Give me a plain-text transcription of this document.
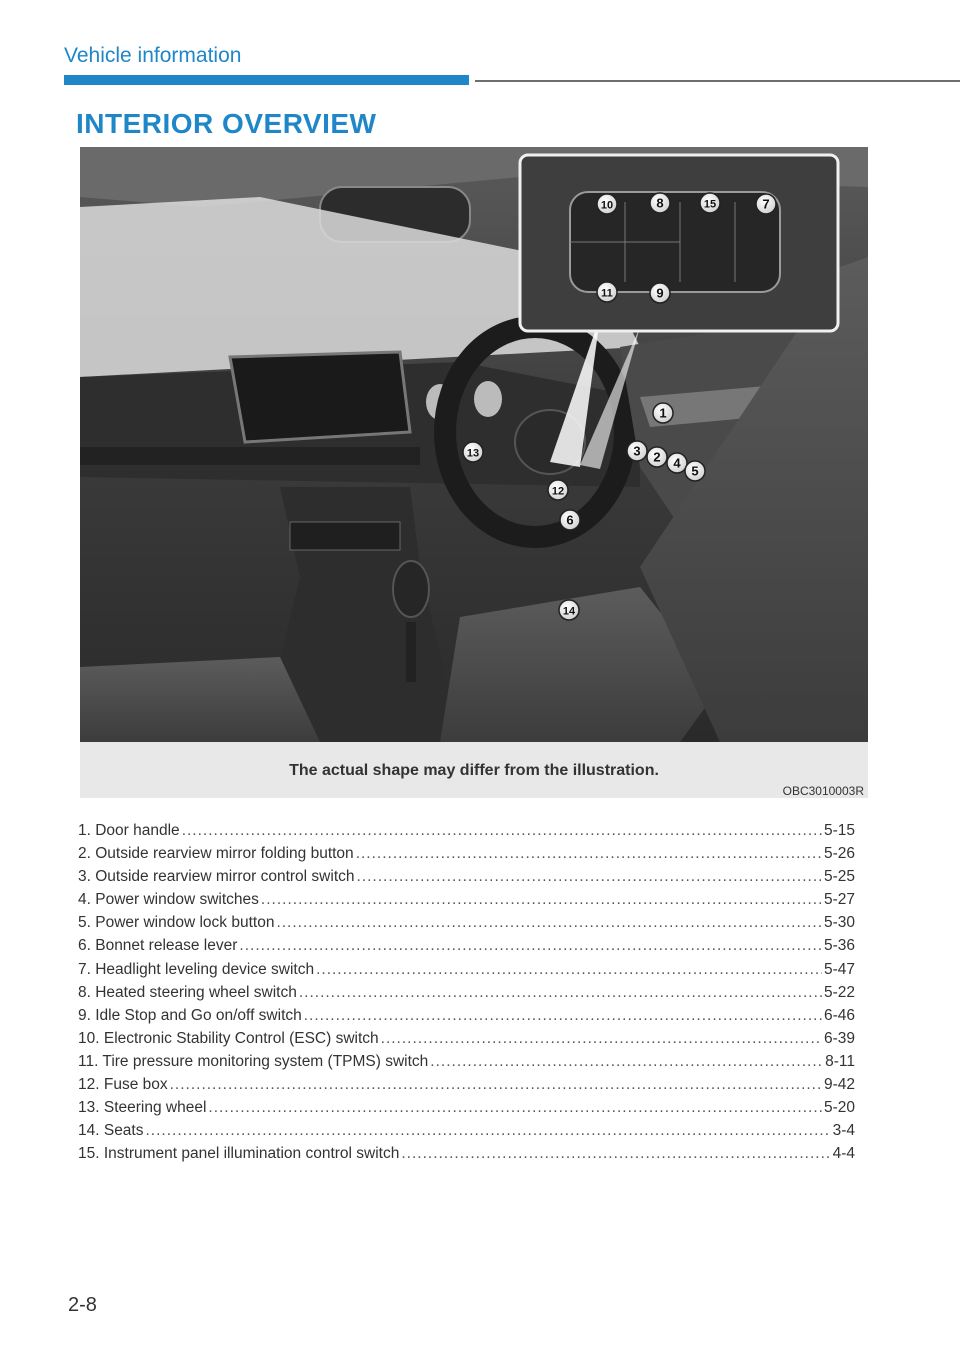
Vehicle information
INTERIOR OVERVIEW
1
2
3
4
5
6
7
8
9
10
11
12
13
14
15
The actual shape may differ from the illustration.
OBC3010003R
1. Door handle .....	5-15
2. Outside rearview mirror folding button .....	5-26
3. Outside rearview mirror control switch .....	5-25
4. Power window switches .....	5-27
5. Power window lock button .....	5-30
6. Bonnet release lever .....	5-36
7. Headlight leveling device switch .....	5-47
8. Heated steering wheel switch .....	5-22
9. Idle Stop and Go on/off switch .....	6-46
10. Electronic Stability Control (ESC) switch .....	6-39
11. Tire pressure monitoring system (TPMS) switch .....	8-11
12. Fuse box .....	9-42
13. Steering wheel .....	5-20
14. Seats .....	3-4
15. Instrument panel illumination control switch .....	4-4
2-8
